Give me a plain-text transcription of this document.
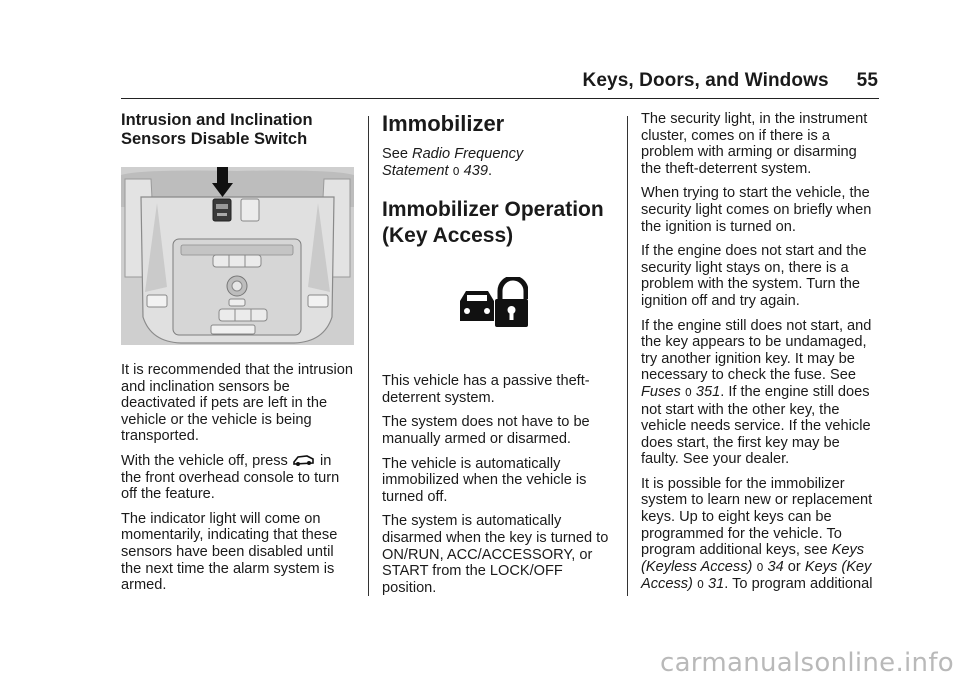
Keys, Doors, and Windows 55
Intrusion and Inclination
Sensors Disable Switch

It is recommended that the intrusion and inclination sensors be deactivated if pets are left in the vehicle or the vehicle is being transported.

With the vehicle off, press in
the front overhead console to turn off the feature.

The indicator light will come on momentarily, indicating that these sensors have been disabled until the next time the alarm system is armed.

Immobilizer

See Radio Frequency
Statement 0 439.

Immobilizer Operation
(Key Access)

This vehicle has a passive theft-deterrent system.

The system does not have to be manually armed or disarmed.

The vehicle is automatically immobilized when the vehicle is turned off.

The system is automatically disarmed when the key is turned to ON/RUN, ACC/ACCESSORY, or START from the LOCK/OFF position.

The security light, in the instrument cluster, comes on if there is a problem with arming or disarming the theft-deterrent system.

When trying to start the vehicle, the security light comes on briefly when the ignition is turned on.

If the engine does not start and the security light stays on, there is a problem with the system. Turn the ignition off and try again.

If the engine still does not start, and the key appears to be undamaged, try another ignition key. It may be necessary to check the fuse. See
Fuses 0 351. If the engine still does not start with the other key, the vehicle needs service. If the vehicle does start, the first key may be faulty. See your dealer.

It is possible for the immobilizer system to learn new or replacement keys. Up to eight keys can be programmed for the vehicle. To program additional keys, see Keys (Keyless Access) 0 34 or Keys (Key
Access) 0 31. To program additional

carmanualsonline.info
